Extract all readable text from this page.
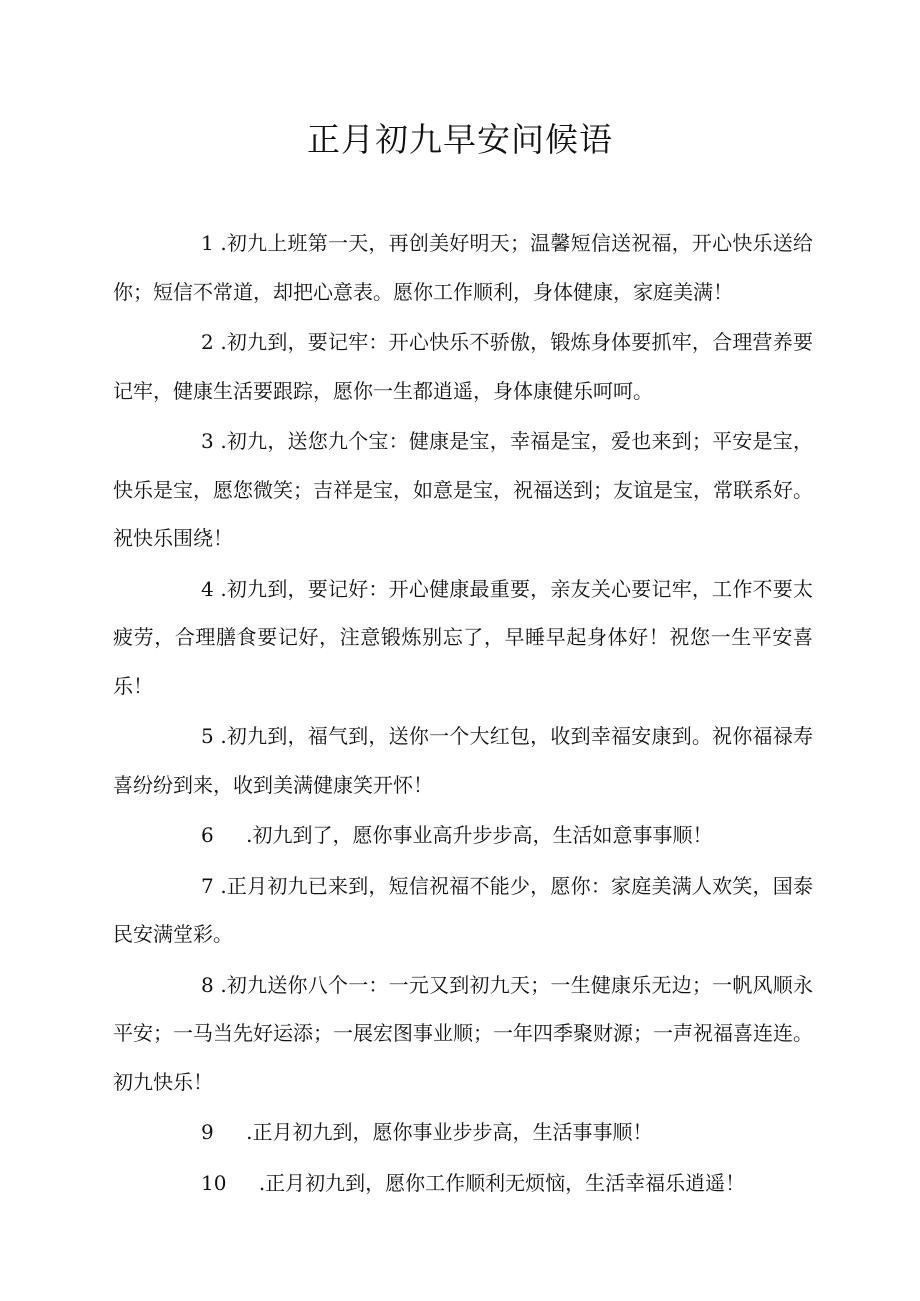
正月初九早安问候语

1 .初九上班第一天，再创美好明天；温馨短信送祝福，开心快乐送给你；短信不常道，却把心意表。愿你工作顺利，身体健康，家庭美满！

2 .初九到，要记牢：开心快乐不骄傲，锻炼身体要抓牢，合理营养要记牢，健康生活要跟踪，愿你一生都逍遥，身体康健乐呵呵。

3 .初九，送您九个宝：健康是宝，幸福是宝，爱也来到；平安是宝，快乐是宝，愿您微笑；吉祥是宝，如意是宝，祝福送到；友谊是宝，常联系好。祝快乐围绕！

4 .初九到，要记好：开心健康最重要，亲友关心要记牢，工作不要太疲劳，合理膳食要记好，注意锻炼别忘了，早睡早起身体好！祝您一生平安喜乐！

5 .初九到，福气到，送你一个大红包，收到幸福安康到。祝你福禄寿喜纷纷到来，收到美满健康笑开怀！

6 .初九到了，愿你事业高升步步高，生活如意事事顺！

7 .正月初九已来到，短信祝福不能少，愿你：家庭美满人欢笑，国泰民安满堂彩。

8 .初九送你八个一：一元又到初九天；一生健康乐无边；一帆风顺永平安；一马当先好运添；一展宏图事业顺；一年四季聚财源；一声祝福喜连连。初九快乐！

9 .正月初九到，愿你事业步步高，生活事事顺！

10 .正月初九到，愿你工作顺利无烦恼，生活幸福乐逍遥！
